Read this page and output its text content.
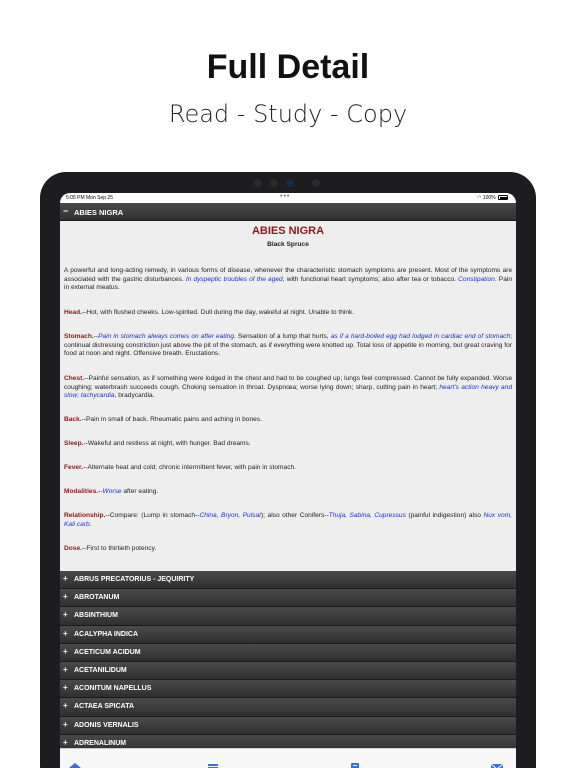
Full Detail
Read - Study - Copy
5:05 PM Mon Sep 25	•••	◠ 100%
− ABIES NIGRA
ABIES NIGRA
Black Spruce
A powerful and long-acting remedy, in various forms of disease, whenever the characteristic stomach symptoms are present. Most of the symptoms are associated with the gastric disturbances. In dyspeptic troubles of the aged, with functional heart symptoms; also after tea or tobacco. Constipation. Pain in external meatus.
Head.--Hot, with flushed cheeks. Low-spirited. Dull during the day, wakeful at night. Unable to think.
Stomach.--Pain in stomach always comes on after eating. Sensation of a lump that hurts, as if a hard-boiled egg had lodged in cardiac end of stomach; continual distressing constriction just above the pit of the stomach, as if everything were knotted up. Total loss of appetite in morning, but great craving for food at noon and night. Offensive breath. Eructations.
Chest.--Painful sensation, as if something were lodged in the chest and had to be coughed up; lungs feel compressed. Cannot be fully expanded. Worse coughing; waterbrash succeeds cough. Choking sensation in throat. Dyspnœa; worse lying down; sharp, cutting pain in heart; heart's action heavy and slow; tachycardia, bradycardia.
Back.--Pain in small of back. Rheumatic pains and aching in bones.
Sleep.--Wakeful and restless at night, with hunger. Bad dreams.
Fever.--Alternate heat and cold; chronic intermittent fever, with pain in stomach.
Modalities.--Worse after eating.
Relationship.--Compare: (Lump in stomach--China, Bryon, Pulsat); also other Conifers--Thuja, Sabina, Cupressus (painful indigestion) also Nux vom, Kali carb.
Dose.--First to thirtieth potency.
+ ABRUS PRECATORIUS - JEQUIRITY
+ ABROTANUM
+ ABSINTHIUM
+ ACALYPHA INDICA
+ ACETICUM ACIDUM
+ ACETANILIDUM
+ ACONITUM NAPELLUS
+ ACTAEA SPICATA
+ ADONIS VERNALIS
+ ADRENALINUM
